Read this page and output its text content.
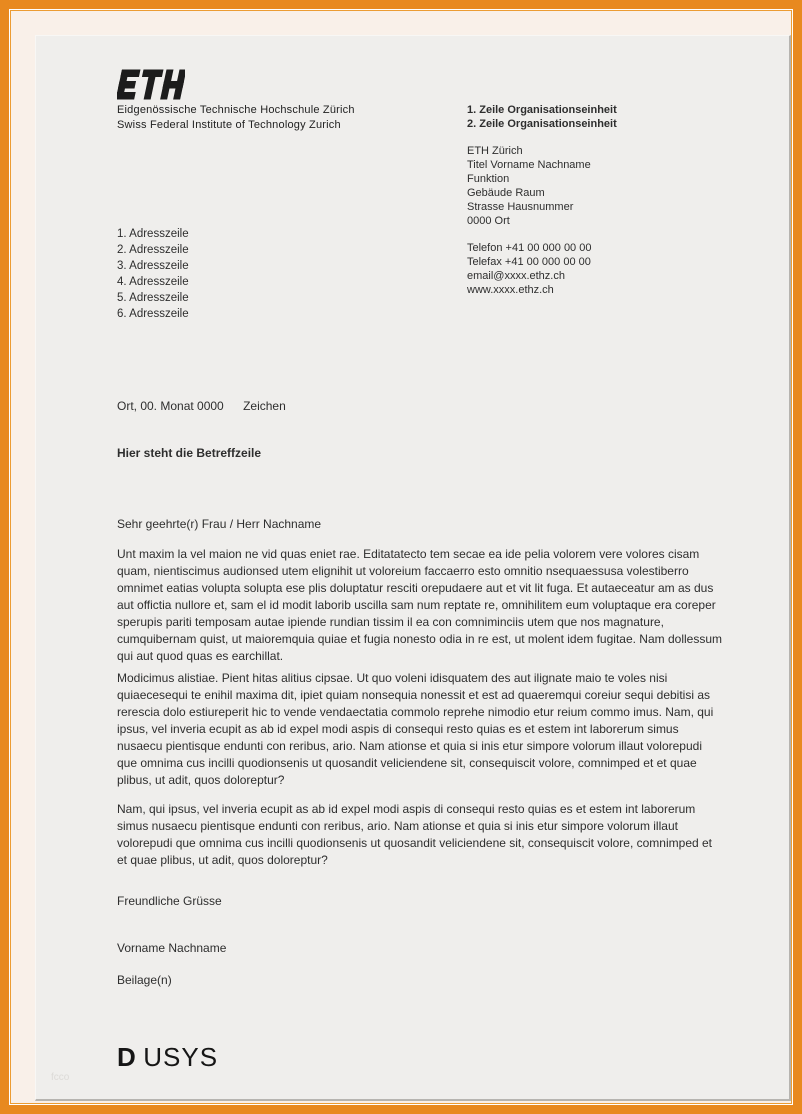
Eidgenössische Technische Hochschule Zürich
Swiss Federal Institute of Technology Zurich
1. Zeile Organisationseinheit
2. Zeile Organisationseinheit
ETH Zürich
Titel Vorname Nachname
Funktion
Gebäude Raum
Strasse Hausnummer
0000 Ort
Telefon +41 00 000 00 00
Telefax +41 00 000 00 00
email@xxxx.ethz.ch
www.xxxx.ethz.ch
1. Adresszeile
2. Adresszeile
3. Adresszeile
4. Adresszeile
5. Adresszeile
6. Adresszeile
Ort, 00. Monat 0000 Zeichen
Hier steht die Betreffzeile
Sehr geehrte(r) Frau / Herr Nachname
Unt maxim la vel maion ne vid quas eniet rae. Editatatecto tem secae ea ide pelia volorem vere volores cisam quam, nientiscimus audionsed utem elignihit ut voloreium faccaerro esto omnitio nsequaessusa volestiberro omnimet eatias volupta solupta ese plis doluptatur resciti orepudaere aut et vit lit fuga. Et autaeceatur am as dus aut offictia nullore et, sam el id modit laborib uscilla sam num reptate re, omnihilitem eum voluptaque era coreper sperupis pariti temposam autae ipiende rundian tissim il ea con comniminciis utem que nos magnature, cumquibernam quist, ut maioremquia quiae et fugia nonesto odia in re est, ut molent idem fugitae. Nam dollessum qui aut quod quas es earchillat.
Modicimus alistiae. Pient hitas alitius cipsae. Ut quo voleni idisquatem des aut ilignate maio te voles nisi quiaecesequi te enihil maxima dit, ipiet quiam nonsequia nonessit et est ad quaeremqui coreiur sequi debitisi as rerescia dolo estiureperit hic to vende vendaectatia commolo reprehe nimodio etur reium commo imus. Nam, qui ipsus, vel inveria ecupit as ab id expel modi aspis di consequi resto quias es et estem int laborerum simus nusaecu pientisque endunti con reribus, ario. Nam ationse et quia si inis etur simpore volorum illaut volorepudi que omnima cus incilli quodionsenis ut quosandit veliciendene sit, consequiscit volore, comnimped et et quae plibus, ut adit, quos doloreptur?
Nam, qui ipsus, vel inveria ecupit as ab id expel modi aspis di consequi resto quias es et estem int laborerum simus nusaecu pientisque endunti con reribus, ario. Nam ationse et quia si inis etur simpore volorum illaut volorepudi que omnima cus incilli quodionsenis ut quosandit veliciendene sit, consequiscit volore, comnimped et et quae plibus, ut adit, quos doloreptur?
Freundliche Grüsse
Vorname Nachname
Beilage(n)
D USYS
fcco
